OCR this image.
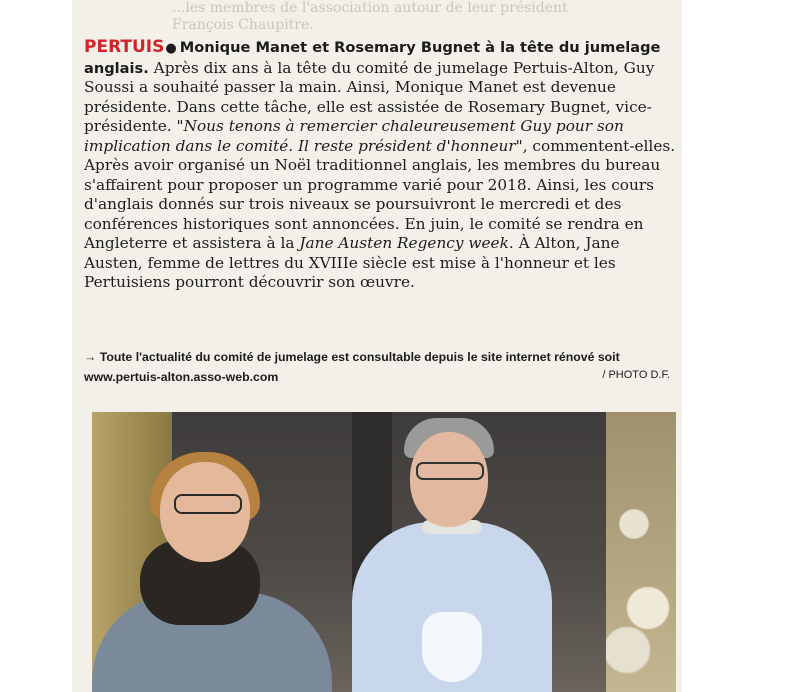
...les membres de l'association autour de leur président
François Chaupitre.
PERTUIS● Monique Manet et Rosemary Bugnet à la tête du jumelage anglais. Après dix ans à la tête du comité de jumelage Pertuis-Alton, Guy Soussi a souhaité passer la main. Ainsi, Monique Manet est devenue présidente. Dans cette tâche, elle est assistée de Rosemary Bugnet, vice-présidente. "Nous tenons à remercier chaleureusement Guy pour son implication dans le comité. Il reste président d'honneur", commentent-elles. Après avoir organisé un Noël traditionnel anglais, les membres du bureau s'affairent pour proposer un programme varié pour 2018. Ainsi, les cours d'anglais donnés sur trois niveaux se poursuivront le mercredi et des conférences historiques sont annoncées. En juin, le comité se rendra en Angleterre et assistera à la Jane Austen Regency week. À Alton, Jane Austen, femme de lettres du XVIIIe siècle est mise à l'honneur et les Pertuisiens pourront découvrir son œuvre.
→ Toute l'actualité du comité de jumelage est consultable depuis le site internet rénové soit
www.pertuis-alton.asso-web.com	/ PHOTO D.F.
